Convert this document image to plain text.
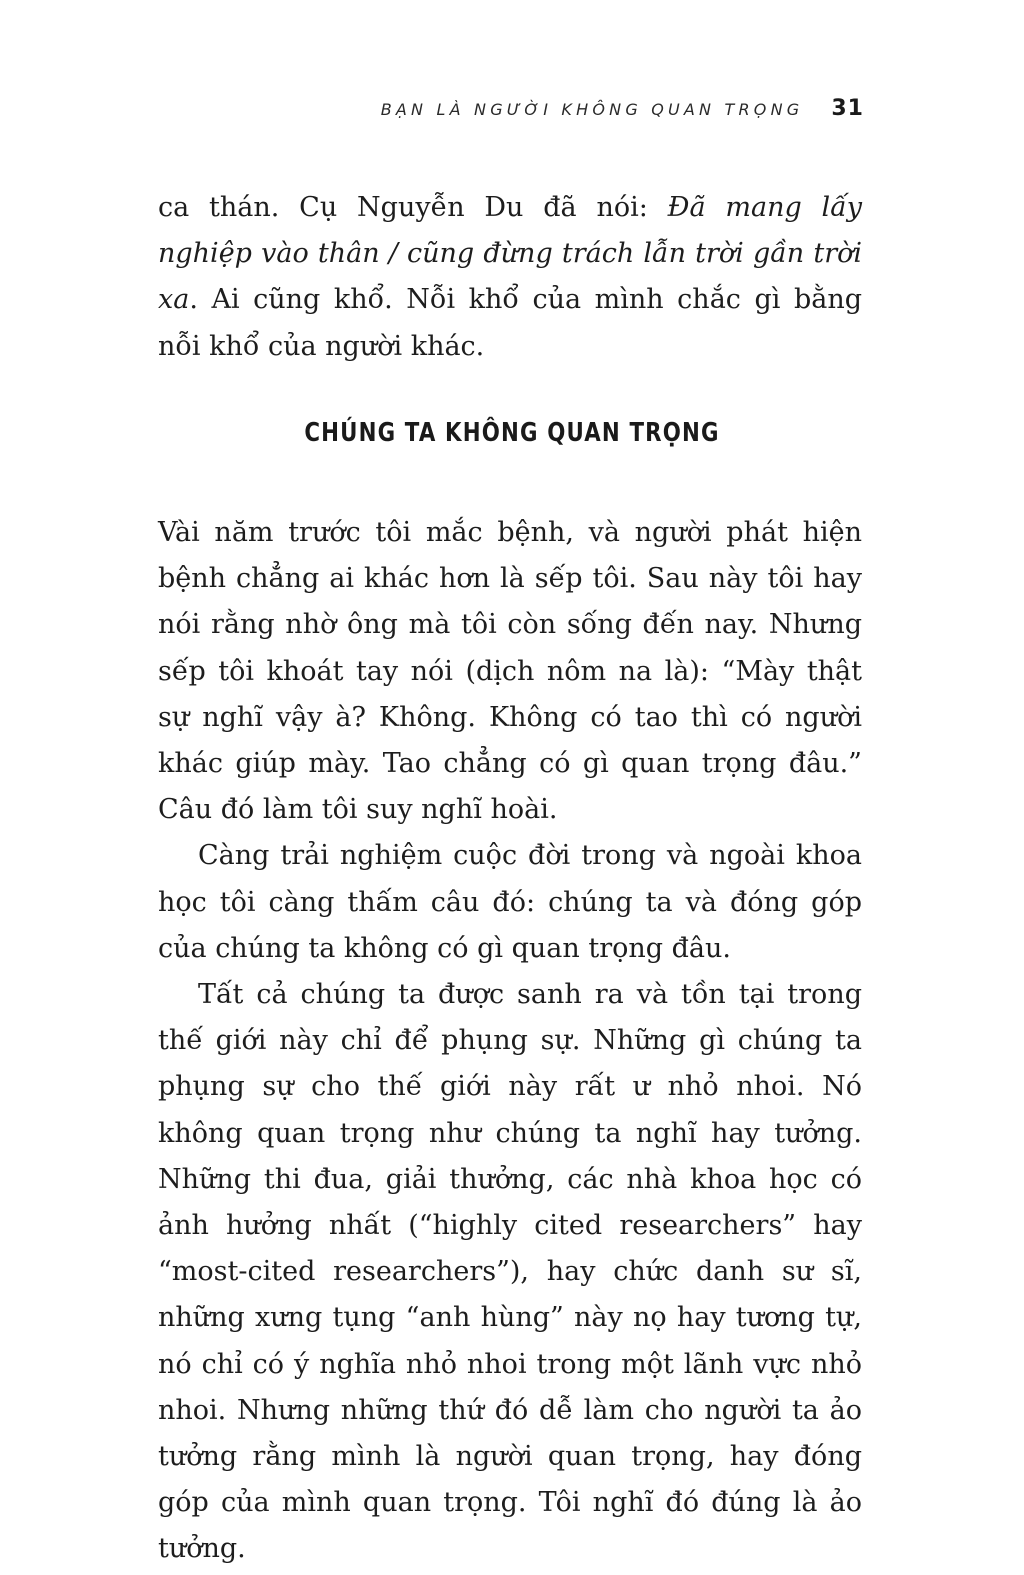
BẠN LÀ NGƯỜI KHÔNG QUAN TRỌNG 31

ca thán. Cụ Nguyễn Du đã nói: Đã mang lấy nghiệp vào thân / cũng đừng trách lẫn trời gần trời xa. Ai cũng khổ. Nỗi khổ của mình chắc gì bằng nỗi khổ của người khác.

CHÚNG TA KHÔNG QUAN TRỌNG

Vài năm trước tôi mắc bệnh, và người phát hiện bệnh chẳng ai khác hơn là sếp tôi. Sau này tôi hay nói rằng nhờ ông mà tôi còn sống đến nay. Nhưng sếp tôi khoát tay nói (dịch nôm na là): “Mày thật sự nghĩ vậy à? Không. Không có tao thì có người khác giúp mày. Tao chẳng có gì quan trọng đâu.” Câu đó làm tôi suy nghĩ hoài.

Càng trải nghiệm cuộc đời trong và ngoài khoa học tôi càng thấm câu đó: chúng ta và đóng góp của chúng ta không có gì quan trọng đâu.

Tất cả chúng ta được sanh ra và tồn tại trong thế giới này chỉ để phụng sự. Những gì chúng ta phụng sự cho thế giới này rất ư nhỏ nhoi. Nó không quan trọng như chúng ta nghĩ hay tưởng. Những thi đua, giải thưởng, các nhà khoa học có ảnh hưởng nhất (“highly cited researchers” hay “most-cited researchers”), hay chức danh sư sĩ, những xưng tụng “anh hùng” này nọ hay tương tự, nó chỉ có ý nghĩa nhỏ nhoi trong một lãnh vực nhỏ nhoi. Nhưng những thứ đó dễ làm cho người ta ảo tưởng rằng mình là người quan trọng, hay đóng góp của mình quan trọng. Tôi nghĩ đó đúng là ảo tưởng.
